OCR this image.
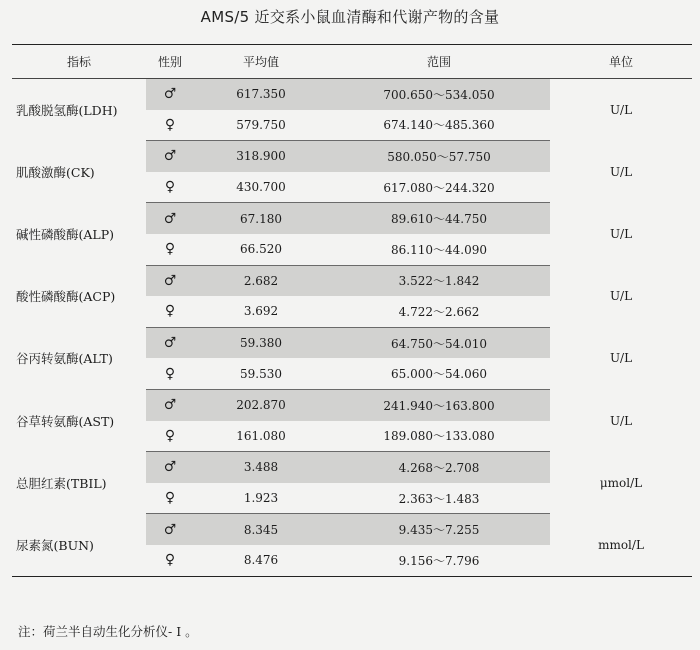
AMS/5 近交系小鼠血清酶和代谢产物的含量
指标	性别	平均值	范围	单位
乳酸脱氢酶(LDH)	♂	617.350	700.650～534.050	U/L
	♀	579.750	674.140～485.360	
肌酸激酶(CK)	♂	318.900	580.050～57.750	U/L
	♀	430.700	617.080～244.320	
碱性磷酸酶(ALP)	♂	67.180	89.610～44.750	U/L
	♀	66.520	86.110～44.090	
酸性磷酸酶(ACP)	♂	2.682	3.522～1.842	U/L
	♀	3.692	4.722～2.662	
谷丙转氨酶(ALT)	♂	59.380	64.750～54.010	U/L
	♀	59.530	65.000～54.060	
谷草转氨酶(AST)	♂	202.870	241.940～163.800	U/L
	♀	161.080	189.080～133.080	
总胆红素(TBIL)	♂	3.488	4.268～2.708	μmol/L
	♀	1.923	2.363～1.483	
尿素氮(BUN)	♂	8.345	9.435～7.255	mmol/L
	♀	8.476	9.156～7.796	
注：荷兰半自动生化分析仪- I 。
